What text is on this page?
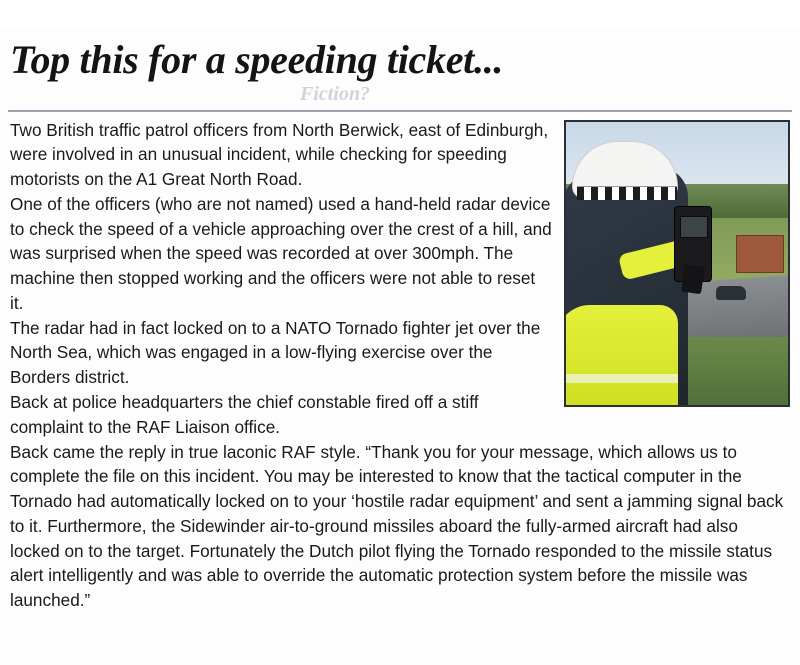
Top this for a speeding ticket...
Fiction?

Two British traffic patrol officers from North Berwick, east of Edinburgh, were involved in an unusual incident, while checking for speeding motorists on the A1 Great North Road.

One of the officers (who are not named) used a hand-held radar device to check the speed of a vehicle approaching over the crest of a hill, and was surprised when the speed was recorded at over 300mph. The machine then stopped working and the officers were not able to reset it.

The radar had in fact locked on to a NATO Tornado fighter jet over the North Sea, which was engaged in a low-flying exercise over the Borders district.

Back at police headquarters the chief constable fired off a stiff complaint to the RAF Liaison office.

Back came the reply in true laconic RAF style. “Thank you for your message, which allows us to complete the file on this incident. You may be interested to know that the tactical computer in the Tornado had automatically locked on to your ‘hostile radar equipment’ and sent a jamming signal back to it. Furthermore, the Sidewinder air-to-ground missiles aboard the fully-armed aircraft had also locked on to the target. Fortunately the Dutch pilot flying the Tornado responded to the missile status alert intelligently and was able to override the automatic protection system before the missile was launched.”
